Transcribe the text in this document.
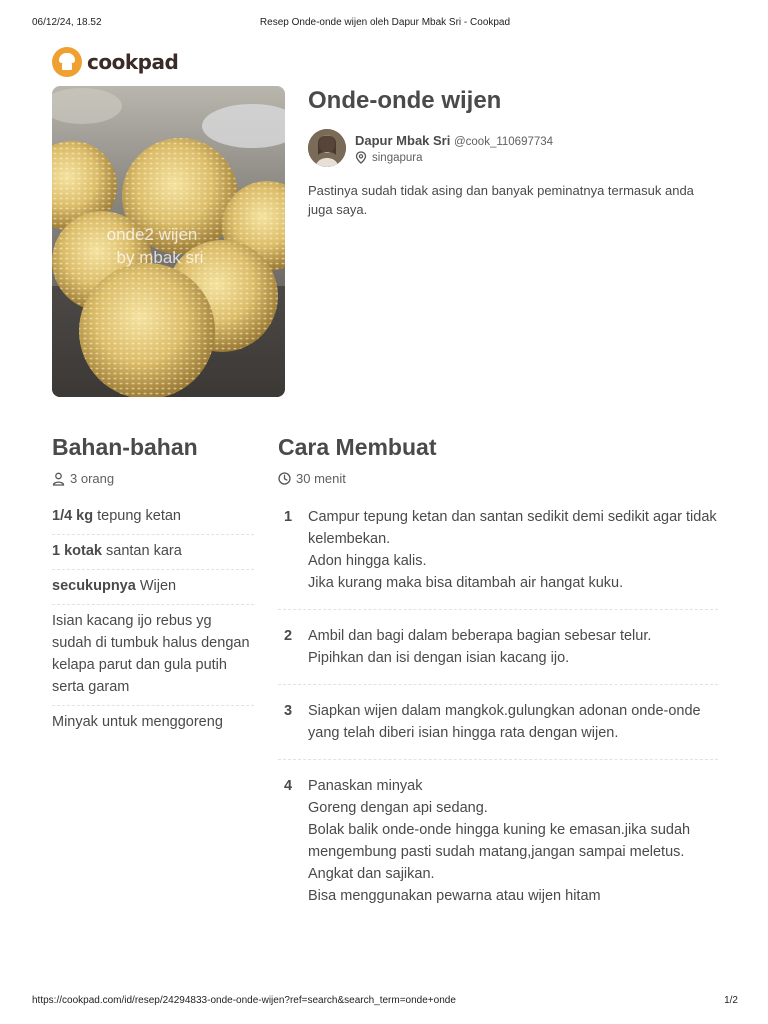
06/12/24, 18.52	Resep Onde-onde wijen oleh Dapur Mbak Sri - Cookpad
cookpad
onde2 wijen
by mbak sri
Onde-onde wijen
Dapur Mbak Sri @cook_110697734
singapura

Pastinya sudah tidak asing dan banyak peminatnya termasuk anda juga saya.

Bahan-bahan
3 orang
1/4 kg tepung ketan
1 kotak santan kara
secukupnya Wijen
Isian kacang ijo rebus yg sudah di tumbuk halus dengan kelapa parut dan gula putih serta garam
Minyak untuk menggoreng
Cara Membuat
30 menit
1	Campur tepung ketan dan santan sedikit demi sedikit agar tidak kelembekan.
Adon hingga kalis.
Jika kurang maka bisa ditambah air hangat kuku.
2	Ambil dan bagi dalam beberapa bagian sebesar telur.
Pipihkan dan isi dengan isian kacang ijo.
3	Siapkan wijen dalam mangkok.gulungkan adonan onde-onde yang telah diberi isian hingga rata dengan wijen.
4	Panaskan minyak
Goreng dengan api sedang.
Bolak balik onde-onde hingga kuning ke emasan.jika sudah mengembung pasti sudah matang,jangan sampai meletus.
Angkat dan sajikan.
Bisa menggunakan pewarna atau wijen hitam
https://cookpad.com/id/resep/24294833-onde-onde-wijen?ref=search&search_term=onde+onde	1/2
